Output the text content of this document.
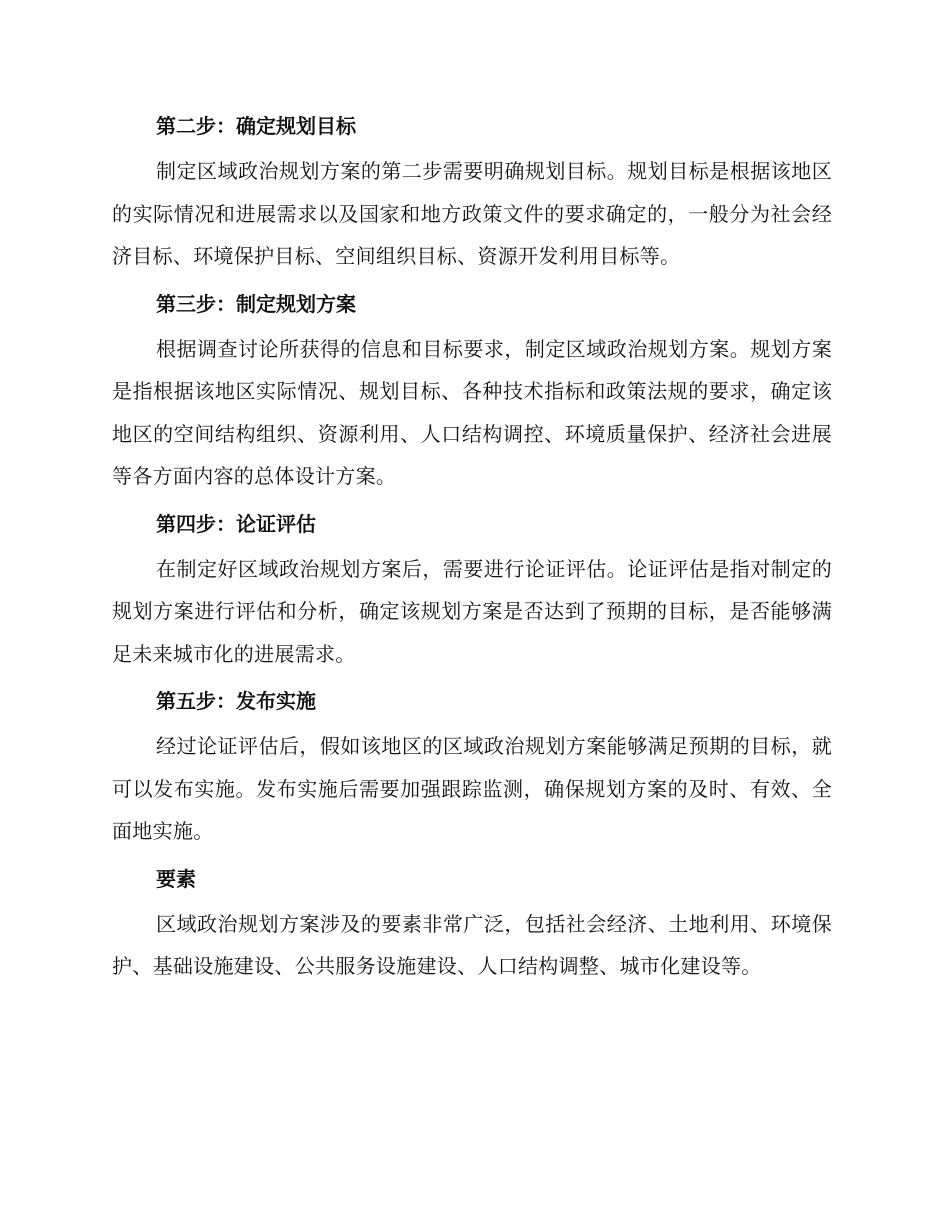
第二步：确定规划目标

制定区域政治规划方案的第二步需要明确规划目标。规划目标是根据该地区的实际情况和进展需求以及国家和地方政策文件的要求确定的，一般分为社会经济目标、环境保护目标、空间组织目标、资源开发利用目标等。

第三步：制定规划方案

根据调查讨论所获得的信息和目标要求，制定区域政治规划方案。规划方案是指根据该地区实际情况、规划目标、各种技术指标和政策法规的要求，确定该地区的空间结构组织、资源利用、人口结构调控、环境质量保护、经济社会进展等各方面内容的总体设计方案。

第四步：论证评估

在制定好区域政治规划方案后，需要进行论证评估。论证评估是指对制定的规划方案进行评估和分析，确定该规划方案是否达到了预期的目标，是否能够满足未来城市化的进展需求。

第五步：发布实施

经过论证评估后，假如该地区的区域政治规划方案能够满足预期的目标，就可以发布实施。发布实施后需要加强跟踪监测，确保规划方案的及时、有效、全面地实施。

要素

区域政治规划方案涉及的要素非常广泛，包括社会经济、土地利用、环境保护、基础设施建设、公共服务设施建设、人口结构调整、城市化建设等。
